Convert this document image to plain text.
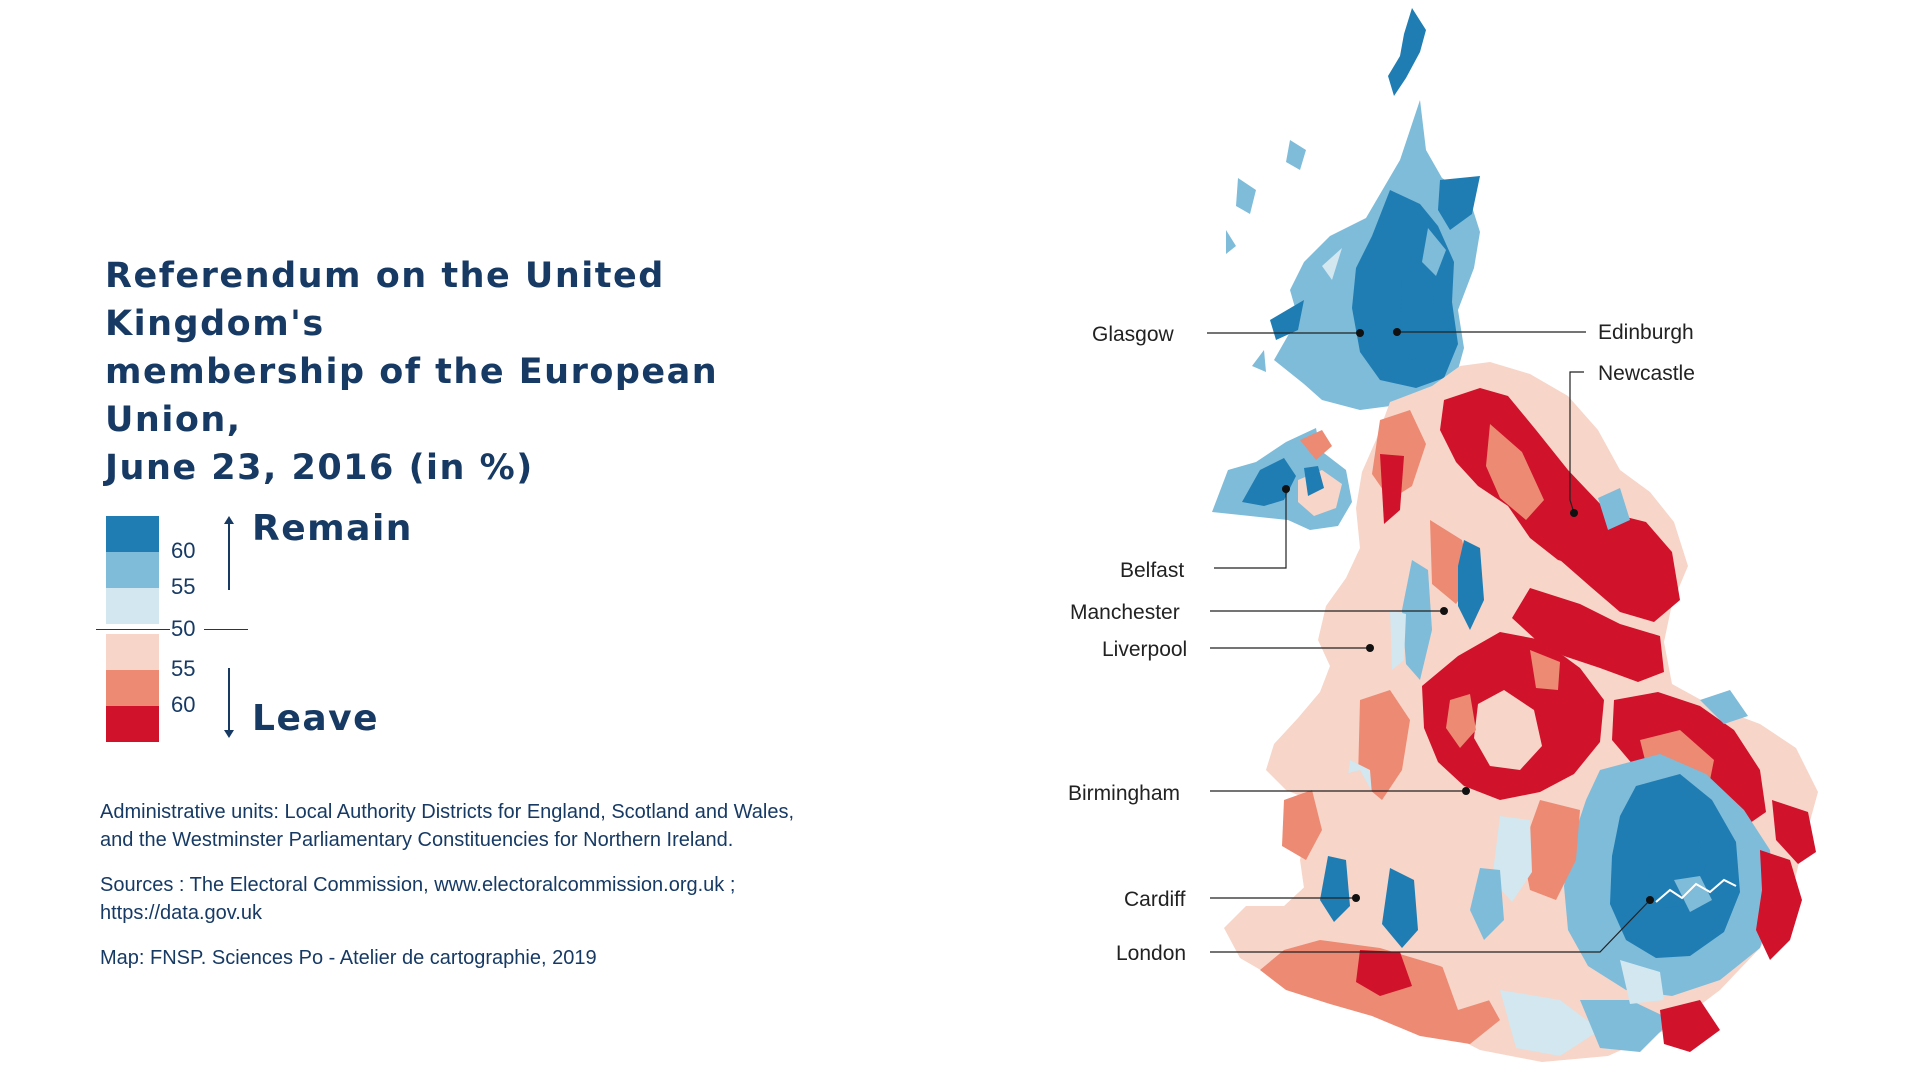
Referendum on the United Kingdom's
membership of the European Union,
June 23, 2016 (in %)
60
55
50
55
60
Remain
Leave

Administrative units: Local Authority Districts for England, Scotland and Wales,
and the Westminster Parliamentary Constituencies for Northern Ireland.

Sources : The Electoral Commission, www.electoralcommission.org.uk ;
https://data.gov.uk

Map: FNSP. Sciences Po - Atelier de cartographie, 2019

Glasgow	Edinburgh
Newcastle
Belfast
Manchester
Liverpool
Birmingham
Cardiff
London
